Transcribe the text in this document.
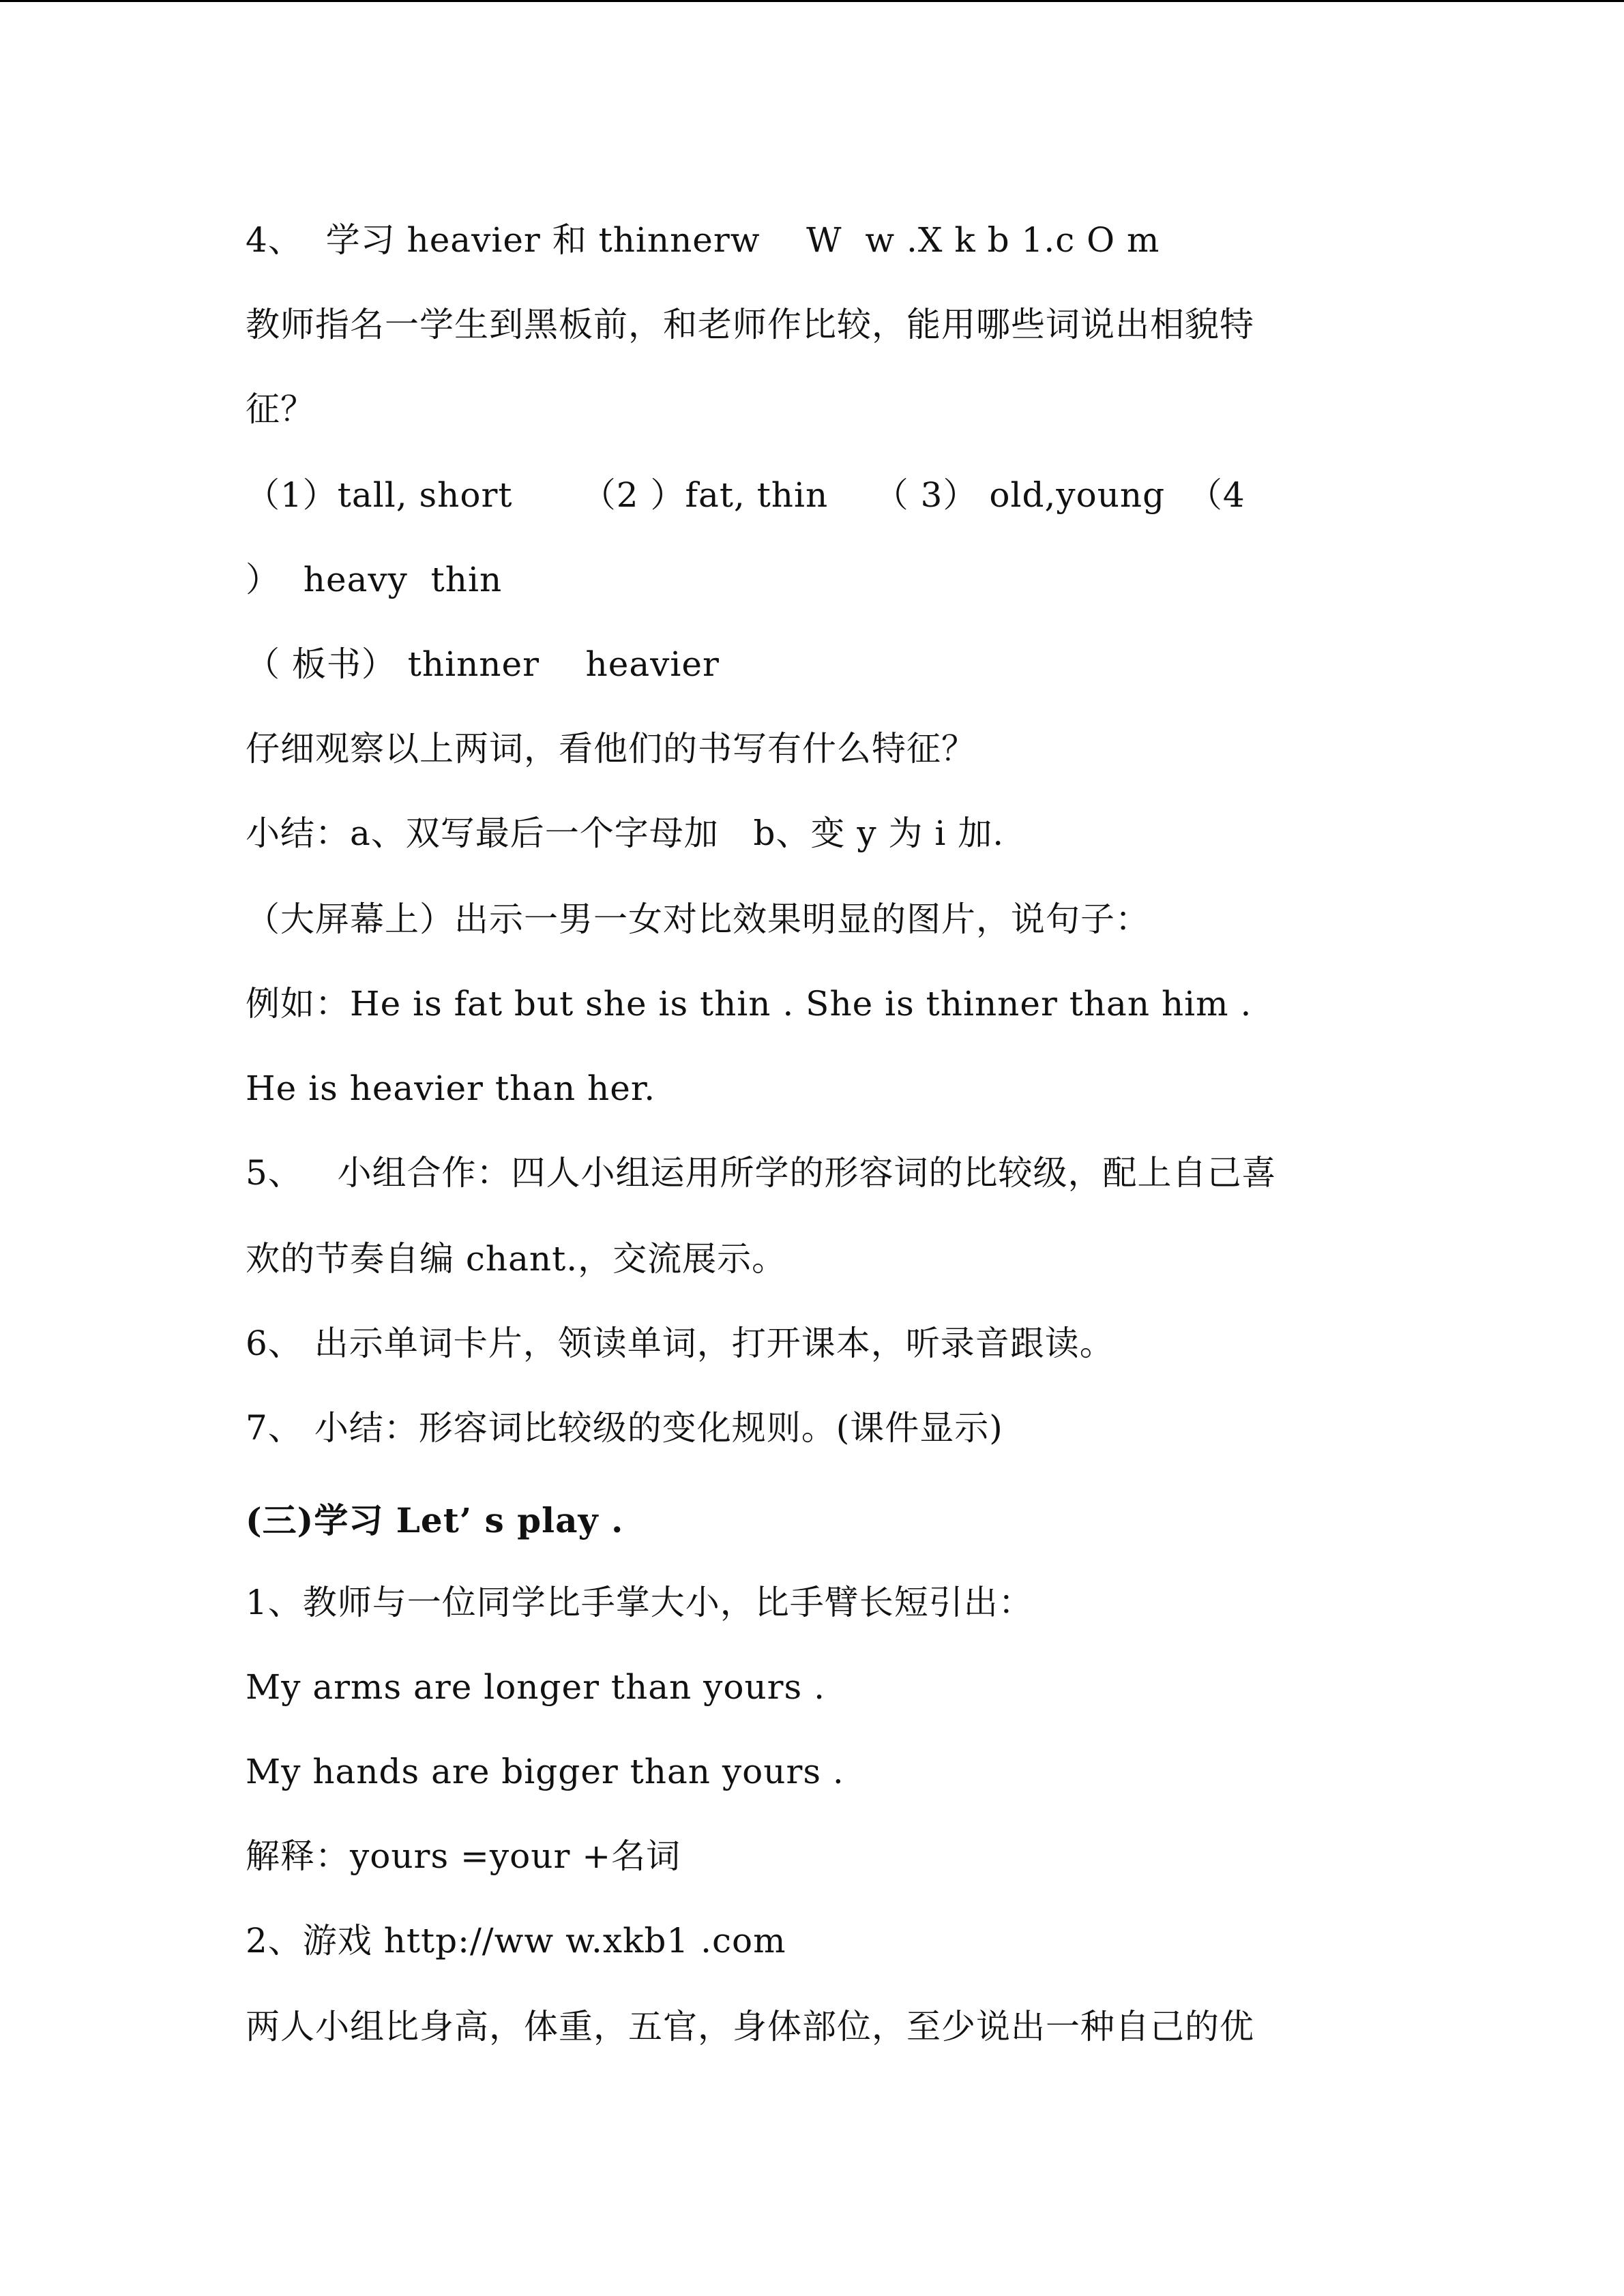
4、  学习 heavier 和 thinnerw    W  w .X k b 1.c O m
教师指名一学生到黑板前，和老师作比较，能用哪些词说出相貌特
征？
（1）tall, short      （2 ）fat, thin    （ 3） old,young  （4
）  heavy  thin
（ 板书） thinner    heavier
仔细观察以上两词，看他们的书写有什么特征？
小结：a、双写最后一个字母加   b、变 y 为 i 加.
（大屏幕上）出示一男一女对比效果明显的图片，说句子：
例如：He is fat but she is thin . She is thinner than him .
He is heavier than her.
5、   小组合作：四人小组运用所学的形容词的比较级，配上自己喜
欢的节奏自编 chant.，交流展示。
6、 出示单词卡片，领读单词，打开课本，听录音跟读。
7、 小结：形容词比较级的变化规则。(课件显示)
(三)学习 Let’ s play .
1、教师与一位同学比手掌大小，比手臂长短引出：
My arms are longer than yours .
My hands are bigger than yours .
解释：yours =your +名词
2、游戏 http://ww w.xkb1 .com
两人小组比身高，体重，五官，身体部位，至少说出一种自己的优
